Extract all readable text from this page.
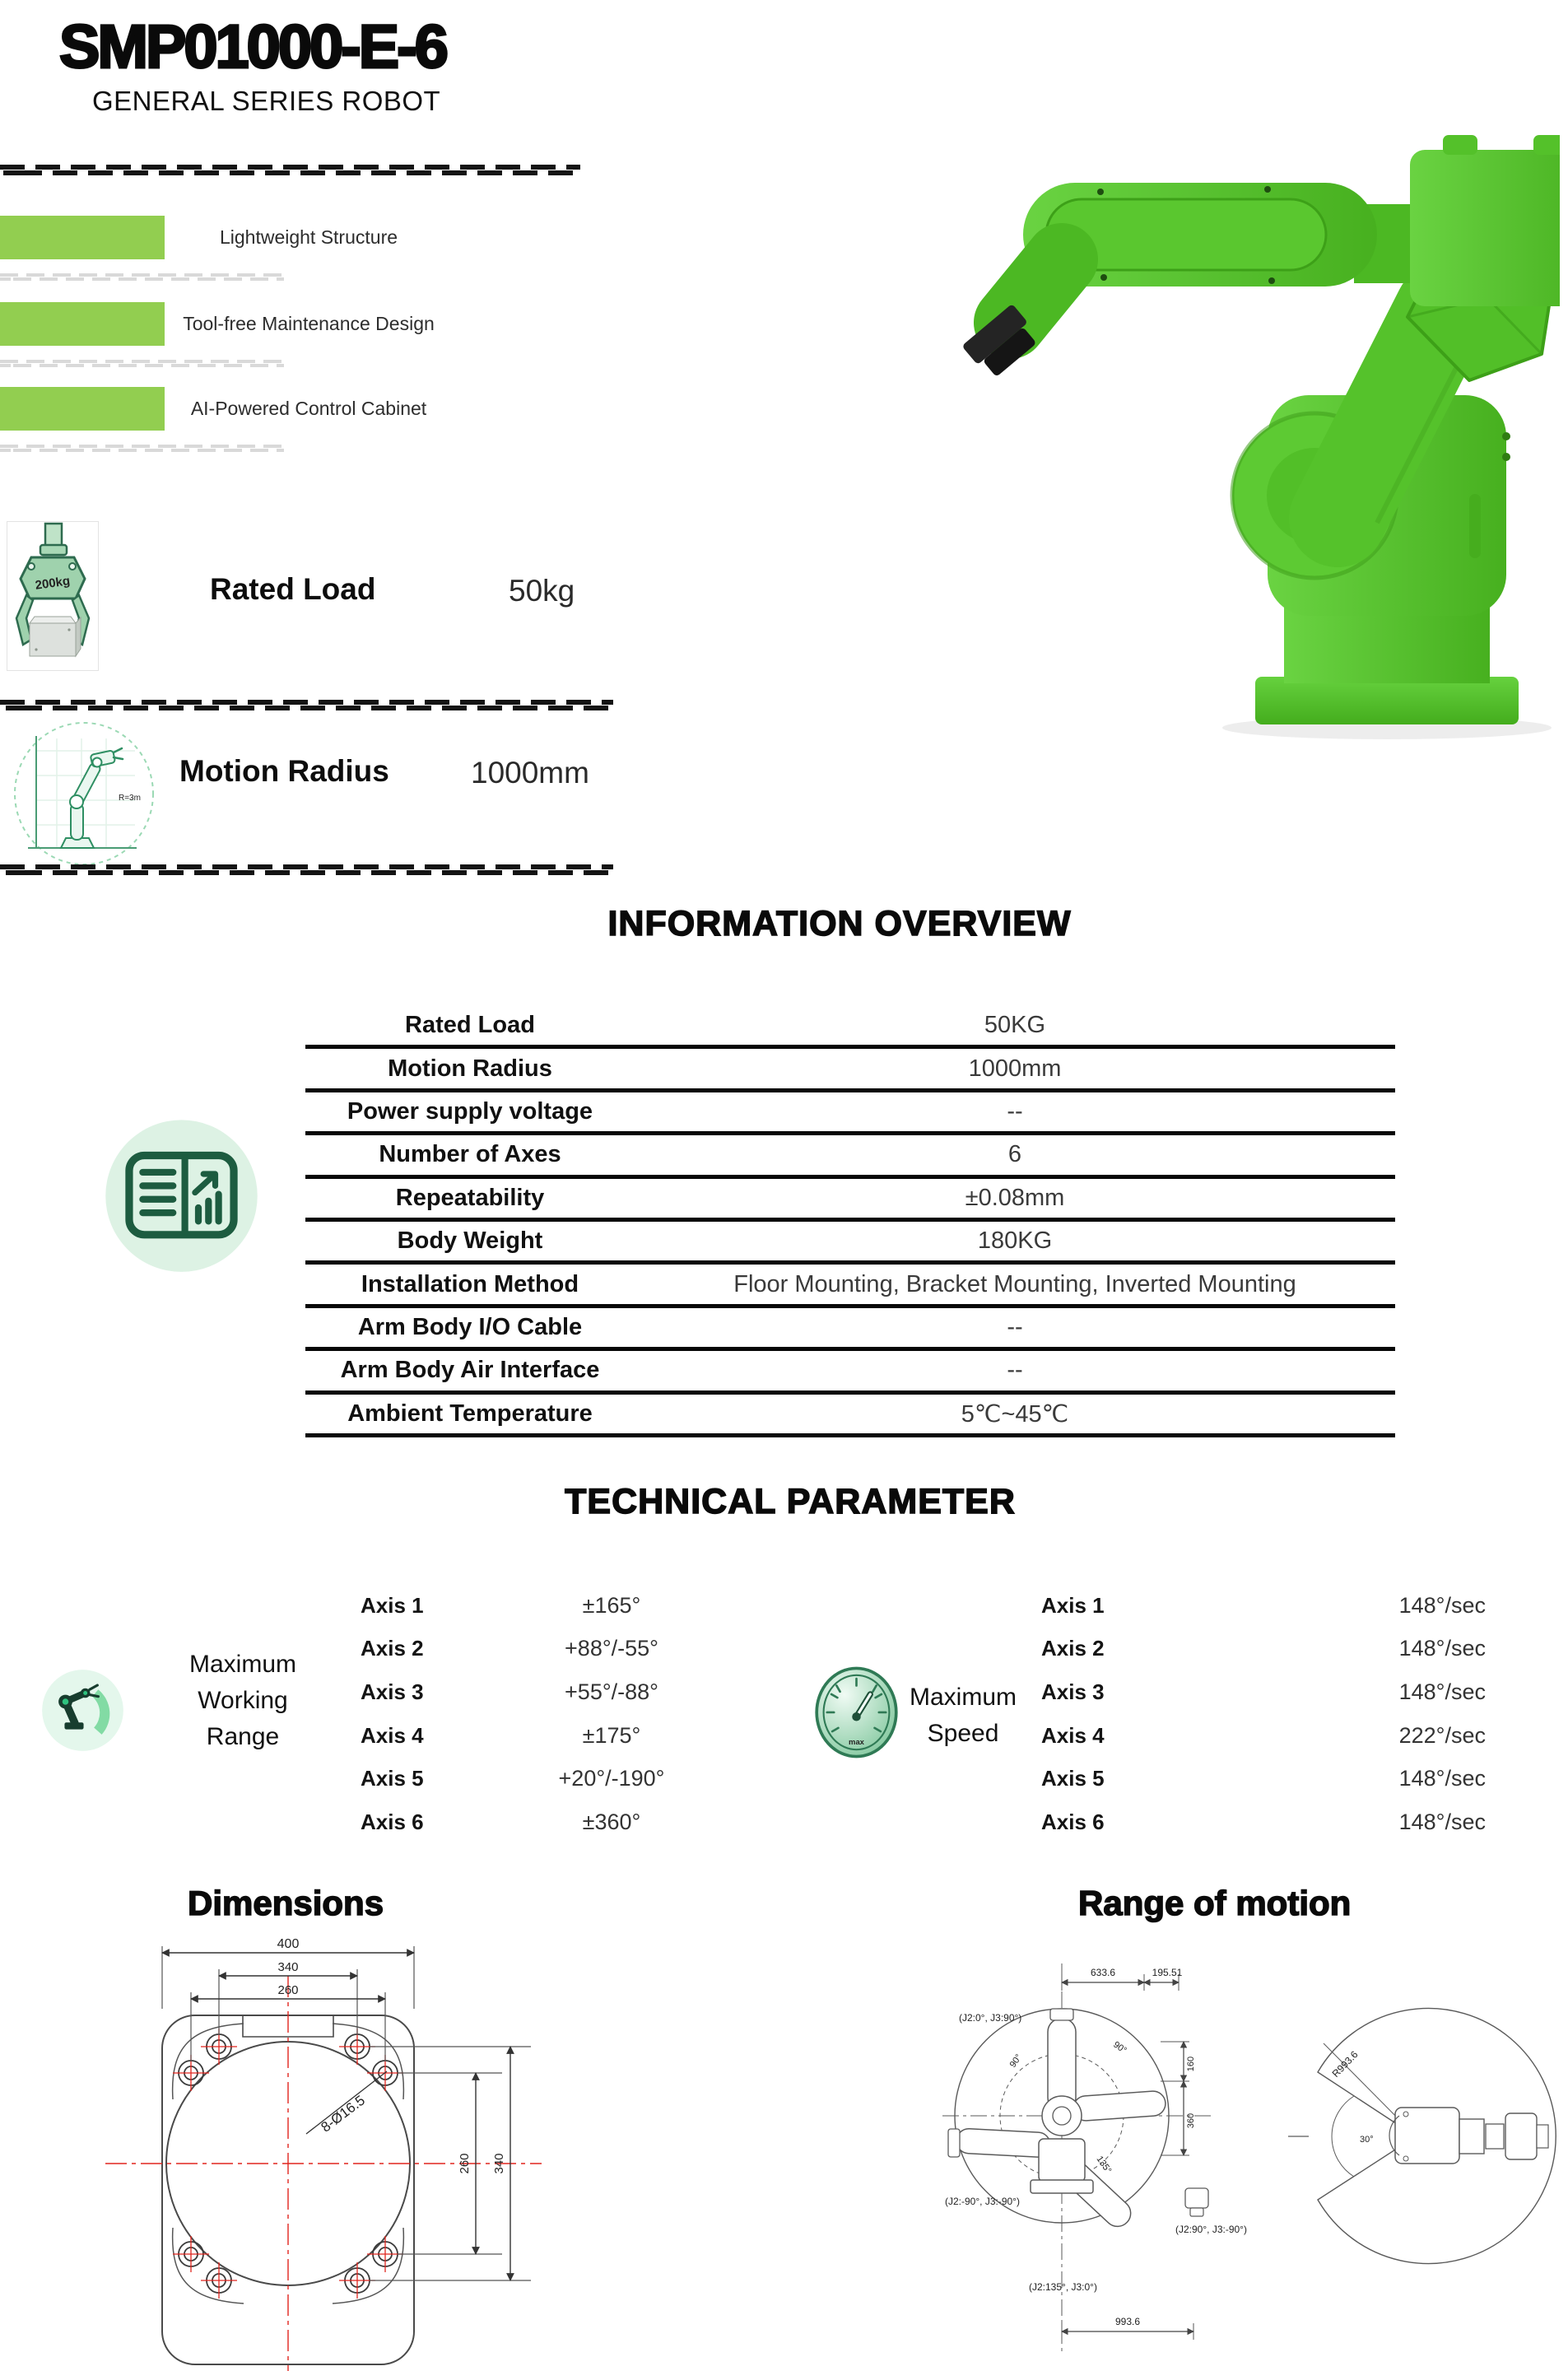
SMP01000-E-6
GENERAL SERIES ROBOT
Lightweight Structure
Tool-free Maintenance Design
AI-Powered Control Cabinet
200kg	Rated Load	50kg
R=3m
Motion Radius	1000mm
INFORMATION OVERVIEW
Rated Load	50KG
Motion Radius	1000mm
Power supply voltage	--
Number of Axes	6
Repeatability	±0.08mm
Body Weight	180KG
Installation Method	Floor Mounting, Bracket Mounting, Inverted Mounting
Arm Body I/O Cable	--
Arm Body Air Interface	--
Ambient Temperature	5℃~45℃
TECHNICAL PARAMETER
Maximum
Working
Range
Axis 1	±165°
Axis 2	+88°/-55°
Axis 3	+55°/-88°
Axis 4	±175°
Axis 5	+20°/-190°
Axis 6	±360°
max
Maximum
Speed
Axis 1	148°/sec
Axis 2	148°/sec
Axis 3	148°/sec
Axis 4	222°/sec
Axis 5	148°/sec
Axis 6	148°/sec
Dimensions
400
340
260
260 340
8-Ø16.5
Range of motion
633.6	195.51
160
360
993.6
90°
90°
135°
(J2:0°, J3:90°)
(J2:-90°, J3:-90°)
(J2:135°, J3:0°)
(J2:90°, J3:-90°)
R993.6
30°
